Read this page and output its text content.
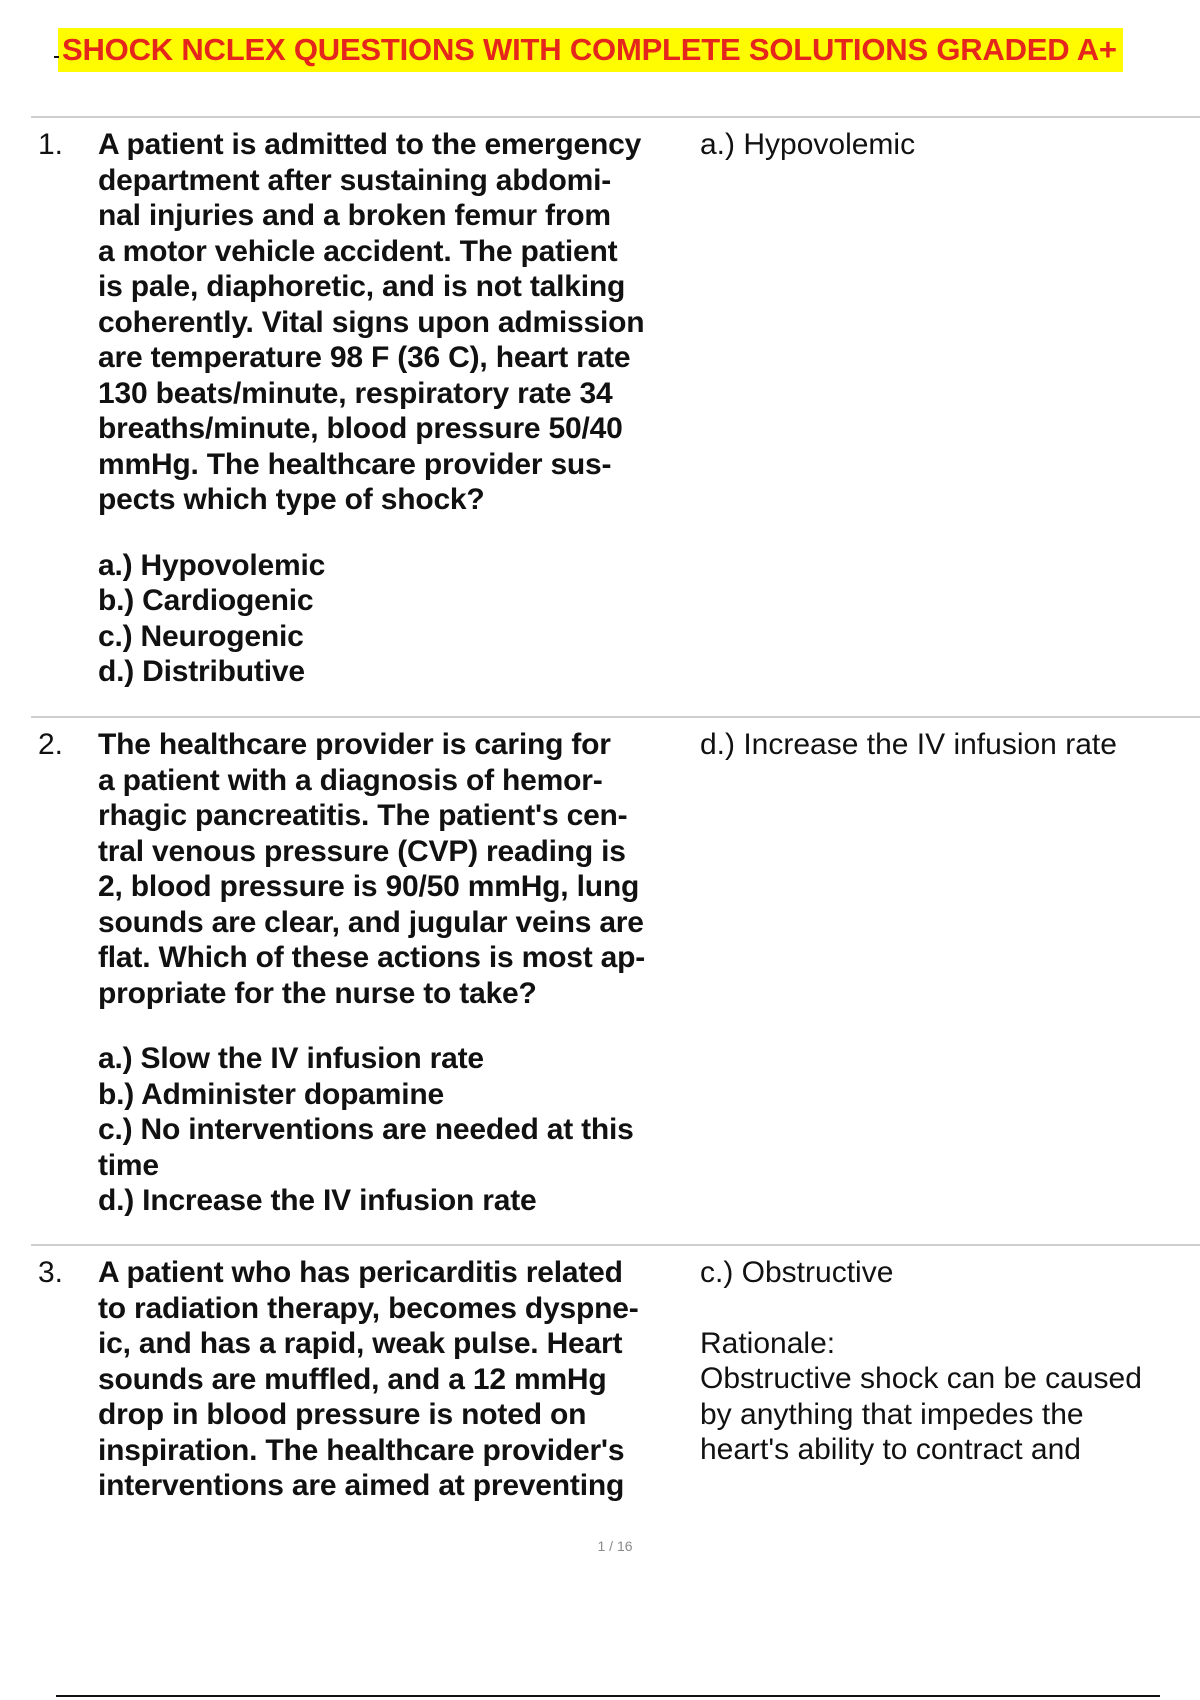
SHOCK NCLEX QUESTIONS WITH COMPLETE SOLUTIONS GRADED A+
1. A patient is admitted to the emergency
department after sustaining abdomi-
nal injuries and a broken femur from
a motor vehicle accident. The patient
is pale, diaphoretic, and is not talking
coherently. Vital signs upon admission
are temperature 98 F (36 C), heart rate
130 beats/minute, respiratory rate 34
breaths/minute, blood pressure 50/40
mmHg. The healthcare provider sus-
pects which type of shock?
a.) Hypovolemic
b.) Cardiogenic
c.) Neurogenic
d.) Distributive
a.) Hypovolemic
2. The healthcare provider is caring for
a patient with a diagnosis of hemor-
rhagic pancreatitis. The patient's cen-
tral venous pressure (CVP) reading is
2, blood pressure is 90/50 mmHg, lung
sounds are clear, and jugular veins are
flat. Which of these actions is most ap-
propriate for the nurse to take?
a.) Slow the IV infusion rate
b.) Administer dopamine
c.) No interventions are needed at this
time
d.) Increase the IV infusion rate
d.) Increase the IV infusion rate
3. A patient who has pericarditis related
to radiation therapy, becomes dyspne-
ic, and has a rapid, weak pulse. Heart
sounds are muffled, and a 12 mmHg
drop in blood pressure is noted on
inspiration. The healthcare provider's
interventions are aimed at preventing
c.) Obstructive
Rationale:
Obstructive shock can be caused
by anything that impedes the
heart's ability to contract and
1 / 16
